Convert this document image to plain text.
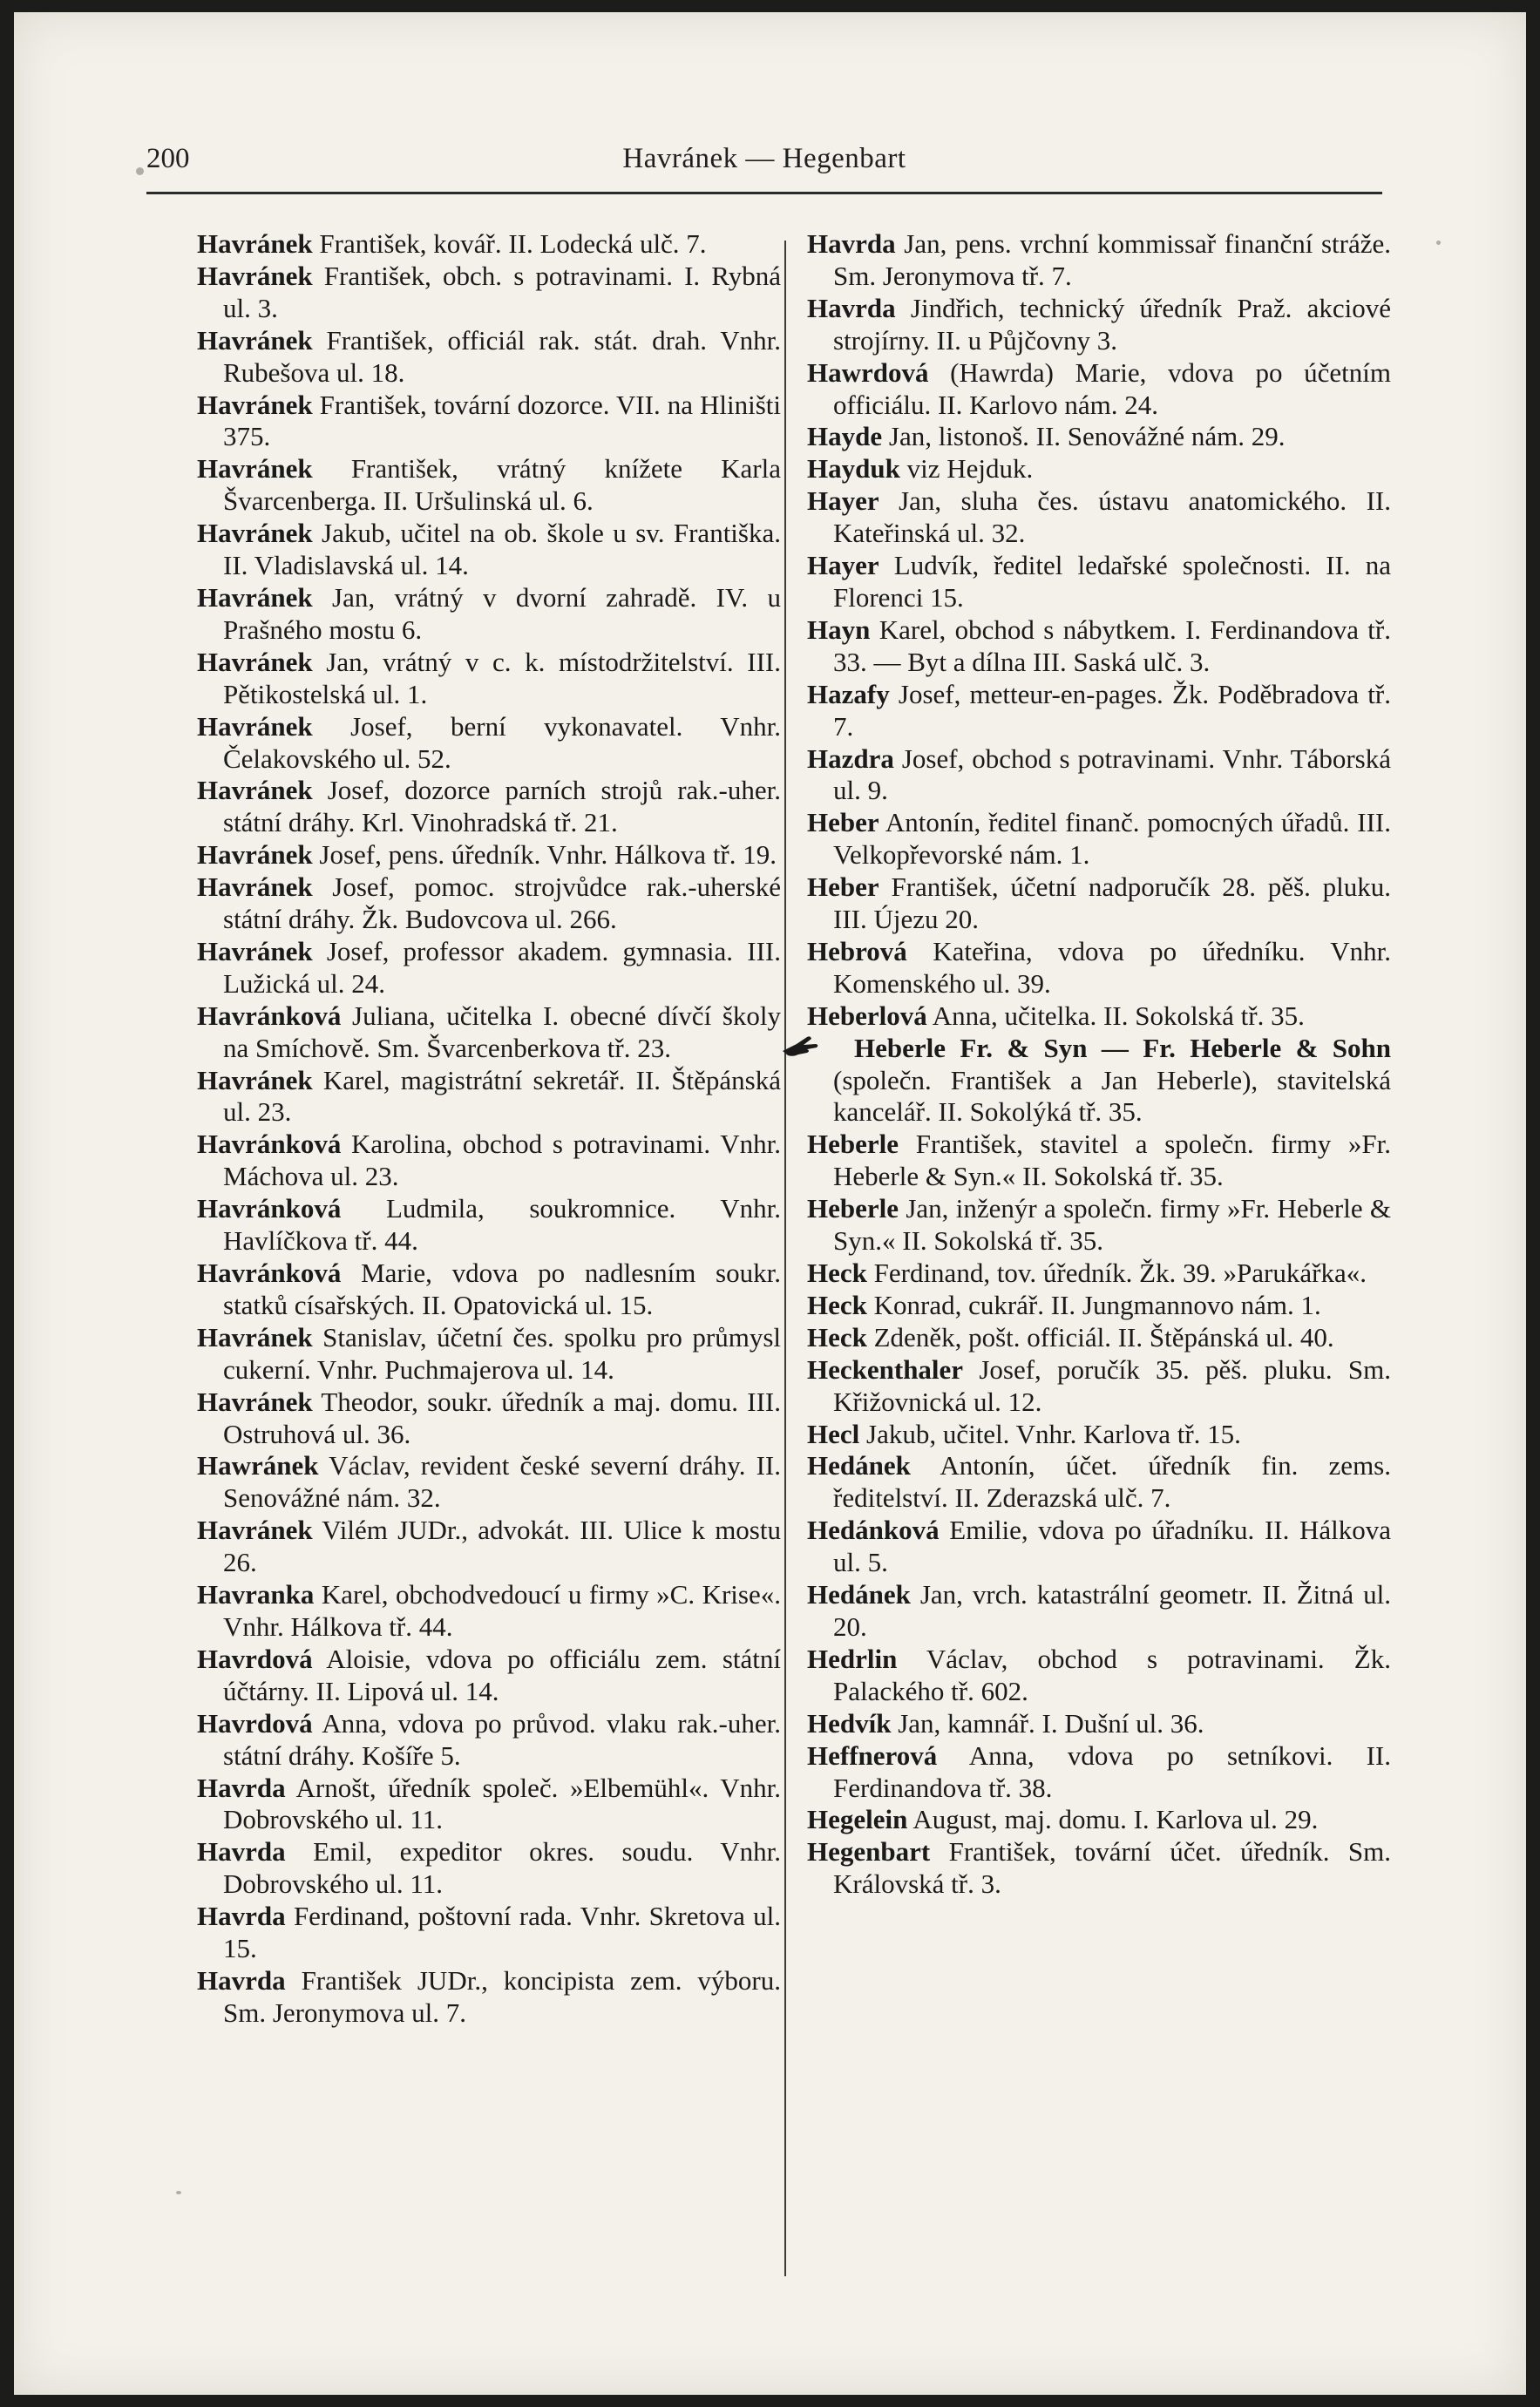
200	Havránek — Hegenbart

Havránek František, kovář. II. Lodecká ulč. 7.

Havránek František, obch. s potravinami. I. Rybná ul. 3.

Havránek František, officiál rak. stát. drah. Vnhr. Rubešova ul. 18.

Havránek František, tovární dozorce. VII. na Hliništi 375.

Havránek František, vrátný knížete Karla Švarcenberga. II. Uršulinská ul. 6.

Havránek Jakub, učitel na ob. škole u sv. Františka. II. Vladislavská ul. 14.

Havránek Jan, vrátný v dvorní zahradě. IV. u Prašného mostu 6.

Havránek Jan, vrátný v c. k. místodržitelství. III. Pětikostelská ul. 1.

Havránek Josef, berní vykonavatel. Vnhr. Čelakovského ul. 52.

Havránek Josef, dozorce parních strojů rak.-uher. státní dráhy. Krl. Vinohradská tř. 21.

Havránek Josef, pens. úředník. Vnhr. Hálkova tř. 19.

Havránek Josef, pomoc. strojvůdce rak.-uherské státní dráhy. Žk. Budovcova ul. 266.

Havránek Josef, professor akadem. gymnasia. III. Lužická ul. 24.

Havránková Juliana, učitelka I. obecné dívčí školy na Smíchově. Sm. Švarcenberkova tř. 23.

Havránek Karel, magistrátní sekretář. II. Štěpánská ul. 23.

Havránková Karolina, obchod s potravinami. Vnhr. Máchova ul. 23.

Havránková Ludmila, soukromnice. Vnhr. Havlíčkova tř. 44.

Havránková Marie, vdova po nadlesním soukr. statků císařských. II. Opatovická ul. 15.

Havránek Stanislav, účetní čes. spolku pro průmysl cukerní. Vnhr. Puchmajerova ul. 14.

Havránek Theodor, soukr. úředník a maj. domu. III. Ostruhová ul. 36.

Hawránek Václav, revident české severní dráhy. II. Senovážné nám. 32.

Havránek Vilém JUDr., advokát. III. Ulice k mostu 26.

Havranka Karel, obchodvedoucí u firmy »C. Krise«. Vnhr. Hálkova tř. 44.

Havrdová Aloisie, vdova po officiálu zem. státní účtárny. II. Lipová ul. 14.

Havrdová Anna, vdova po průvod. vlaku rak.-uher. státní dráhy. Košíře 5.

Havrda Arnošt, úředník společ. »Elbemühl«. Vnhr. Dobrovského ul. 11.

Havrda Emil, expeditor okres. soudu. Vnhr. Dobrovského ul. 11.

Havrda Ferdinand, poštovní rada. Vnhr. Skretova ul. 15.

Havrda František JUDr., koncipista zem. výboru. Sm. Jeronymova ul. 7.

Havrda Jan, pens. vrchní kommissař finanční stráže. Sm. Jeronymova tř. 7.

Havrda Jindřich, technický úředník Praž. akciové strojírny. II. u Půjčovny 3.

Hawrdová (Hawrda) Marie, vdova po účetním officiálu. II. Karlovo nám. 24.

Hayde Jan, listonoš. II. Senovážné nám. 29.

Hayduk viz Hejduk.

Hayer Jan, sluha čes. ústavu anatomického. II. Kateřinská ul. 32.

Hayer Ludvík, ředitel ledařské společnosti. II. na Florenci 15.

Hayn Karel, obchod s nábytkem. I. Ferdinandova tř. 33. — Byt a dílna III. Saská ulč. 3.

Hazafy Josef, metteur-en-pages. Žk. Poděbradova tř. 7.

Hazdra Josef, obchod s potravinami. Vnhr. Táborská ul. 9.

Heber Antonín, ředitel finanč. pomocných úřadů. III. Velkopřevorské nám. 1.

Heber František, účetní nadporučík 28. pěš. pluku. III. Újezu 20.

Hebrová Kateřina, vdova po úředníku. Vnhr. Komenského ul. 39.

Heberlová Anna, učitelka. II. Sokolská tř. 35.

Heberle Fr. & Syn — Fr. Heberle & Sohn (společn. František a Jan Heberle), stavitelská kancelář. II. Sokolýká tř. 35.

Heberle František, stavitel a společn. firmy »Fr. Heberle & Syn.« II. Sokolská tř. 35.

Heberle Jan, inženýr a společn. firmy »Fr. Heberle & Syn.« II. Sokolská tř. 35.

Heck Ferdinand, tov. úředník. Žk. 39. »Parukářka«.

Heck Konrad, cukrář. II. Jungmannovo nám. 1.

Heck Zdeněk, pošt. officiál. II. Štěpánská ul. 40.

Heckenthaler Josef, poručík 35. pěš. pluku. Sm. Křižovnická ul. 12.

Hecl Jakub, učitel. Vnhr. Karlova tř. 15.

Hedánek Antonín, účet. úředník fin. zems. ředitelství. II. Zderazská ulč. 7.

Hedánková Emilie, vdova po úřadníku. II. Hálkova ul. 5.

Hedánek Jan, vrch. katastrální geometr. II. Žitná ul. 20.

Hedrlin Václav, obchod s potravinami. Žk. Palackého tř. 602.

Hedvík Jan, kamnář. I. Dušní ul. 36.

Heffnerová Anna, vdova po setníkovi. II. Ferdinandova tř. 38.

Hegelein August, maj. domu. I. Karlova ul. 29.

Hegenbart František, tovární účet. úředník. Sm. Královská tř. 3.
